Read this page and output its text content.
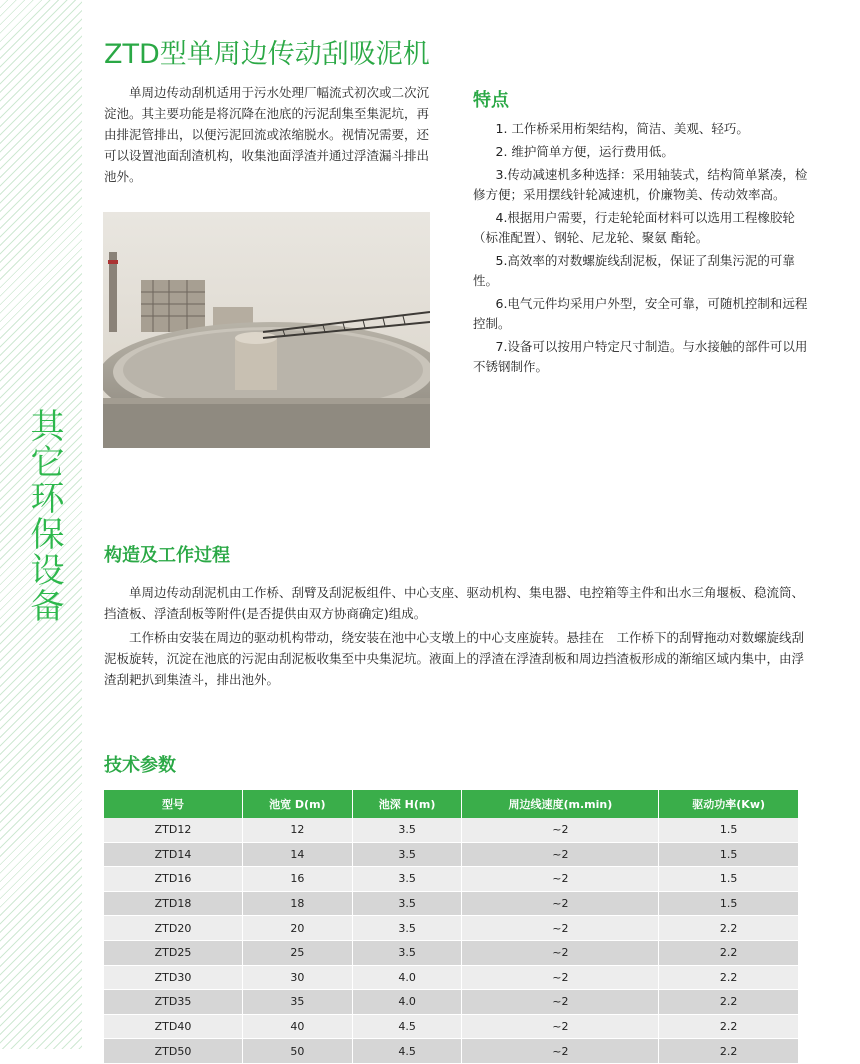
其它环保设备
ZTD型单周边传动刮吸泥机

单周边传动刮机适用于污水处理厂幅流式初次或二次沉淀池。其主要功能是将沉降在池底的污泥刮集至集泥坑，再由排泥管排出，以便污泥回流或浓缩脱水。视情况需要，还可以设置池面刮渣机构，收集池面浮渣并通过浮渣漏斗排出池外。

特点
1. 工作桥采用桁架结构，简洁、美观、轻巧。
2. 维护简单方便，运行费用低。
3.传动减速机多种选择：采用轴装式，结构简单紧凑，检修方便；采用摆线针轮减速机，价廉物美、传动效率高。
4.根据用户需要，行走轮轮面材料可以选用工程橡胶轮（标准配置）、钢轮、尼龙轮、聚氨 酯轮。
5.高效率的对数螺旋线刮泥板，保证了刮集污泥的可靠性。
6.电气元件均采用户外型，安全可靠，可随机控制和远程控制。
7.设备可以按用户特定尺寸制造。与水接触的部件可以用不锈钢制作。
构造及工作过程

单周边传动刮泥机由工作桥、刮臂及刮泥板组件、中心支座、驱动机构、集电器、电控箱等主件和出水三角堰板、稳流筒、挡渣板、浮渣刮板等附件(是否提供由双方协商确定)组成。

工作桥由安装在周边的驱动机构带动，绕安装在池中心支墩上的中心支座旋转。悬挂在　工作桥下的刮臂拖动对数螺旋线刮泥板旋转，沉淀在池底的污泥由刮泥板收集至中央集泥坑。液面上的浮渣在浮渣刮板和周边挡渣板形成的渐缩区域内集中，由浮渣刮耙扒到集渣斗，排出池外。

技术参数
型号	池宽 D(m)	池深 H(m)	周边线速度(m.min)	驱动功率(Kw)
ZTD12	12	3.5	~2	1.5
ZTD14	14	3.5	~2	1.5
ZTD16	16	3.5	~2	1.5
ZTD18	18	3.5	~2	1.5
ZTD20	20	3.5	~2	2.2
ZTD25	25	3.5	~2	2.2
ZTD30	30	4.0	~2	2.2
ZTD35	35	4.0	~2	2.2
ZTD40	40	4.5	~2	2.2
ZTD50	50	4.5	~2	2.2
